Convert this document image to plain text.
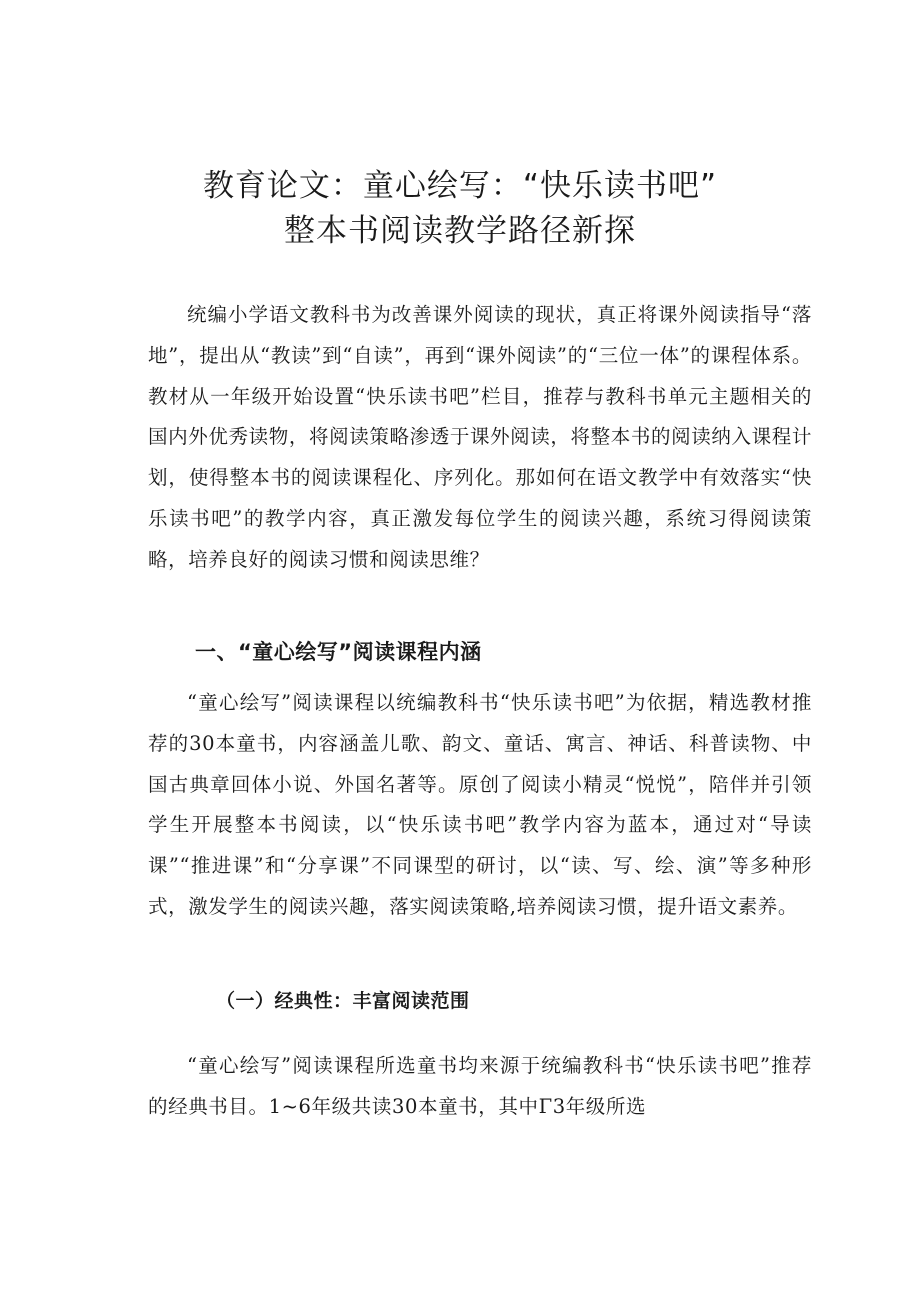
教育论文：童心绘写：“快乐读书吧”
整本书阅读教学路径新探

统编小学语文教科书为改善课外阅读的现状，真正将课外阅读指导“落地”，提出从“教读”到“自读”，再到“课外阅读”的“三位一体”的课程体系。教材从一年级开始设置“快乐读书吧”栏目，推荐与教科书单元主题相关的国内外优秀读物，将阅读策略渗透于课外阅读，将整本书的阅读纳入课程计划，使得整本书的阅读课程化、序列化。那如何在语文教学中有效落实“快乐读书吧”的教学内容，真正激发每位学生的阅读兴趣，系统习得阅读策略，培养良好的阅读习惯和阅读思维？

一、“童心绘写”阅读课程内涵

“童心绘写”阅读课程以统编教科书“快乐读书吧”为依据，精选教材推荐的30本童书，内容涵盖儿歌、韵文、童话、寓言、神话、科普读物、中国古典章回体小说、外国名著等。原创了阅读小精灵“悦悦”，陪伴并引领学生开展整本书阅读，以“快乐读书吧”教学内容为蓝本，通过对“导读课”“推进课”和“分享课”不同课型的研讨，以“读、写、绘、演”等多种形式，激发学生的阅读兴趣，落实阅读策略,培养阅读习惯，提升语文素养。

（一）经典性：丰富阅读范围

“童心绘写”阅读课程所选童书均来源于统编教科书“快乐读书吧”推荐的经典书目。1~6年级共读30本童书，其中Γ3年级所选
